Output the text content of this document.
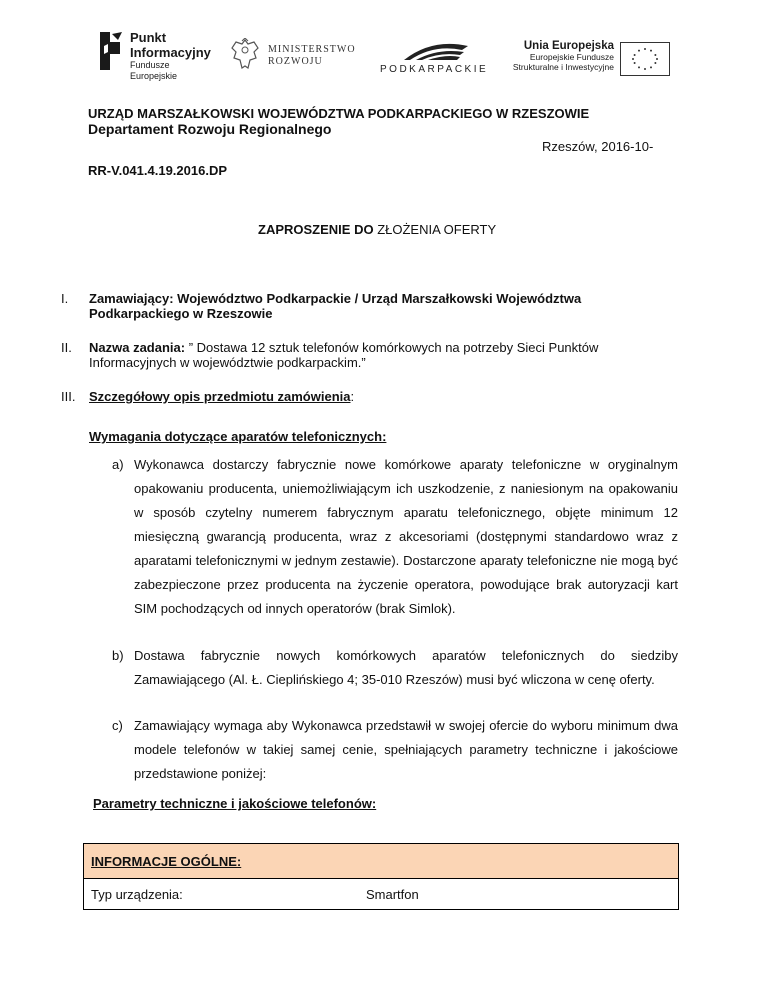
Punkt
Informacyjny
Fundusze Europejskie
MINISTERSTWO
ROZWOJU
PODKARPACKIE
Unia Europejska
Europejskie Fundusze
Strukturalne i Inwestycyjne
URZĄD MARSZAŁKOWSKI WOJEWÓDZTWA PODKARPACKIEGO W RZESZOWIE
Departament Rozwoju Regionalnego
Rzeszów, 2016-10-
RR-V.041.4.19.2016.DP
ZAPROSZENIE DO ZŁOŻENIA OFERTY
I. Zamawiający: Województwo Podkarpackie / Urząd Marszałkowski Województwa
Podkarpackiego w Rzeszowie
II. Nazwa zadania: ” Dostawa 12 sztuk telefonów komórkowych na potrzeby Sieci Punktów
Informacyjnych w województwie podkarpackim.”
III. Szczegółowy opis przedmiotu zamówienia:
Wymagania dotyczące aparatów telefonicznych:
a) Wykonawca dostarczy fabrycznie nowe komórkowe aparaty telefoniczne w oryginalnym opakowaniu producenta, uniemożliwiającym ich uszkodzenie, z naniesionym na opakowaniu w sposób czytelny numerem fabrycznym aparatu telefonicznego, objęte minimum 12 miesięczną gwarancją producenta, wraz z akcesoriami (dostępnymi standardowo wraz z aparatami telefonicznymi w jednym zestawie). Dostarczone aparaty telefoniczne nie mogą być zabezpieczone przez producenta na życzenie operatora, powodujące brak autoryzacji kart SIM pochodzących od innych operatorów (brak Simlok).
b) Dostawa fabrycznie nowych komórkowych aparatów telefonicznych do siedziby Zamawiającego (Al. Ł. Cieplińskiego 4; 35-010 Rzeszów) musi być wliczona w cenę oferty.
c) Zamawiający wymaga aby Wykonawca przedstawił w swojej ofercie do wyboru minimum dwa modele telefonów w takiej samej cenie, spełniających parametry techniczne i jakościowe przedstawione poniżej:
Parametry techniczne i jakościowe telefonów:
INFORMACJE OGÓLNE:
Typ urządzenia:	Smartfon
